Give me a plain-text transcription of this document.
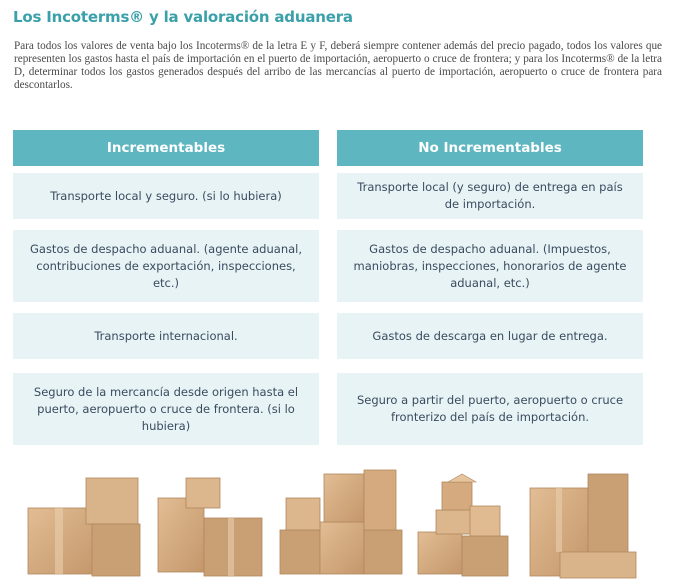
Los Incoterms® y la valoración aduanera

Para todos los valores de venta bajo los Incoterms® de la letra E y F, deberá siempre contener además del precio pagado, todos los valores que representen los gastos hasta el país de importación en el puerto de importación, aeropuerto o cruce de frontera; y para los Incoterms® de la letra D, determinar todos los gastos generados después del arribo de las mercancías al puerto de importación, aeropuerto o cruce de frontera para descontarlos.

Incrementables
Transporte local y seguro. (si lo hubiera)
Gastos de despacho aduanal. (agente aduanal, contribuciones de exportación, inspecciones, etc.)
Transporte internacional.
Seguro de la mercancía desde origen hasta el puerto, aeropuerto o cruce de frontera. (si lo hubiera)
No Incrementables
Transporte local (y seguro) de entrega en país de importación.
Gastos de despacho aduanal. (Impuestos, maniobras, inspecciones, honorarios de agente aduanal, etc.)
Gastos de descarga en lugar de entrega.
Seguro a partir del puerto, aeropuerto o cruce fronterizo del país de importación.
